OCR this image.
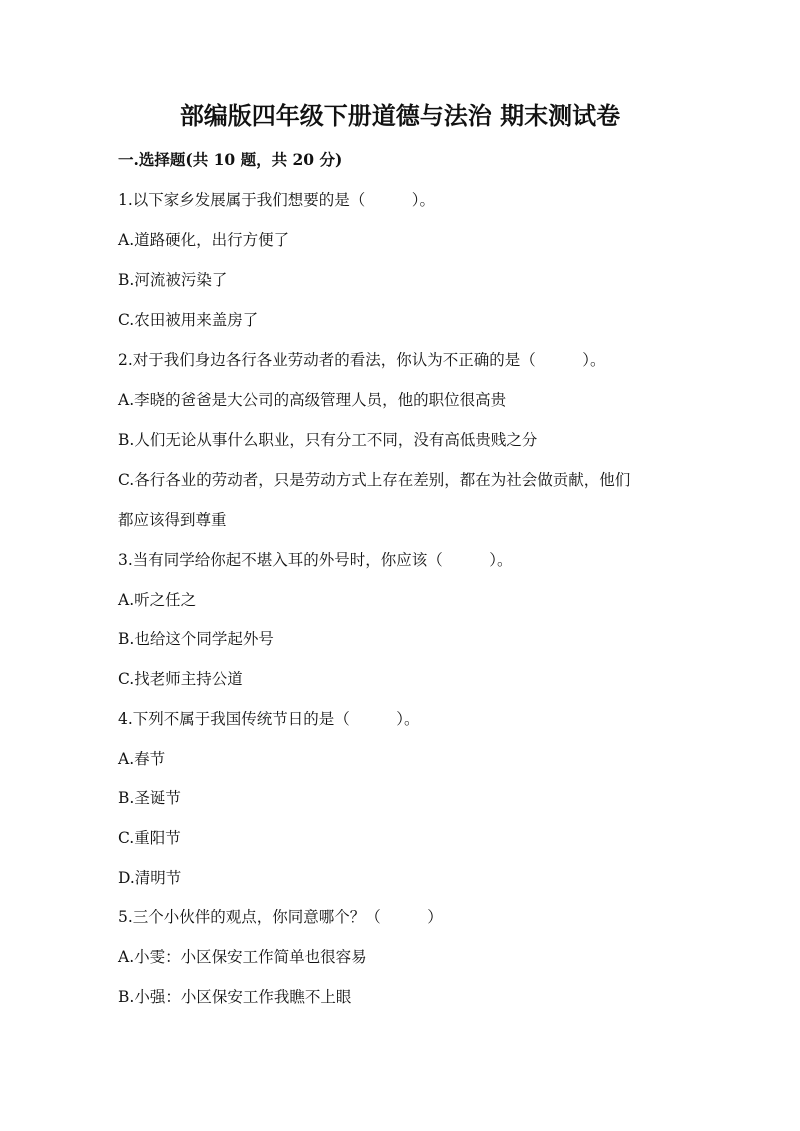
部编版四年级下册道德与法治 期末测试卷
一.选择题(共 10 题，共 20 分)
1.以下家乡发展属于我们想要的是（　　　）。
A.道路硬化，出行方便了
B.河流被污染了
C.农田被用来盖房了
2.对于我们身边各行各业劳动者的看法，你认为不正确的是（　　　）。
A.李晓的爸爸是大公司的高级管理人员，他的职位很高贵
B.人们无论从事什么职业，只有分工不同，没有高低贵贱之分
C.各行各业的劳动者，只是劳动方式上存在差别，都在为社会做贡献，他们
都应该得到尊重
3.当有同学给你起不堪入耳的外号时，你应该（　　　）。
A.听之任之
B.也给这个同学起外号
C.找老师主持公道
4.下列不属于我国传统节日的是（　　　）。
A.春节
B.圣诞节
C.重阳节
D.清明节
5.三个小伙伴的观点，你同意哪个？（　　　）
A.小雯：小区保安工作简单也很容易
B.小强：小区保安工作我瞧不上眼
